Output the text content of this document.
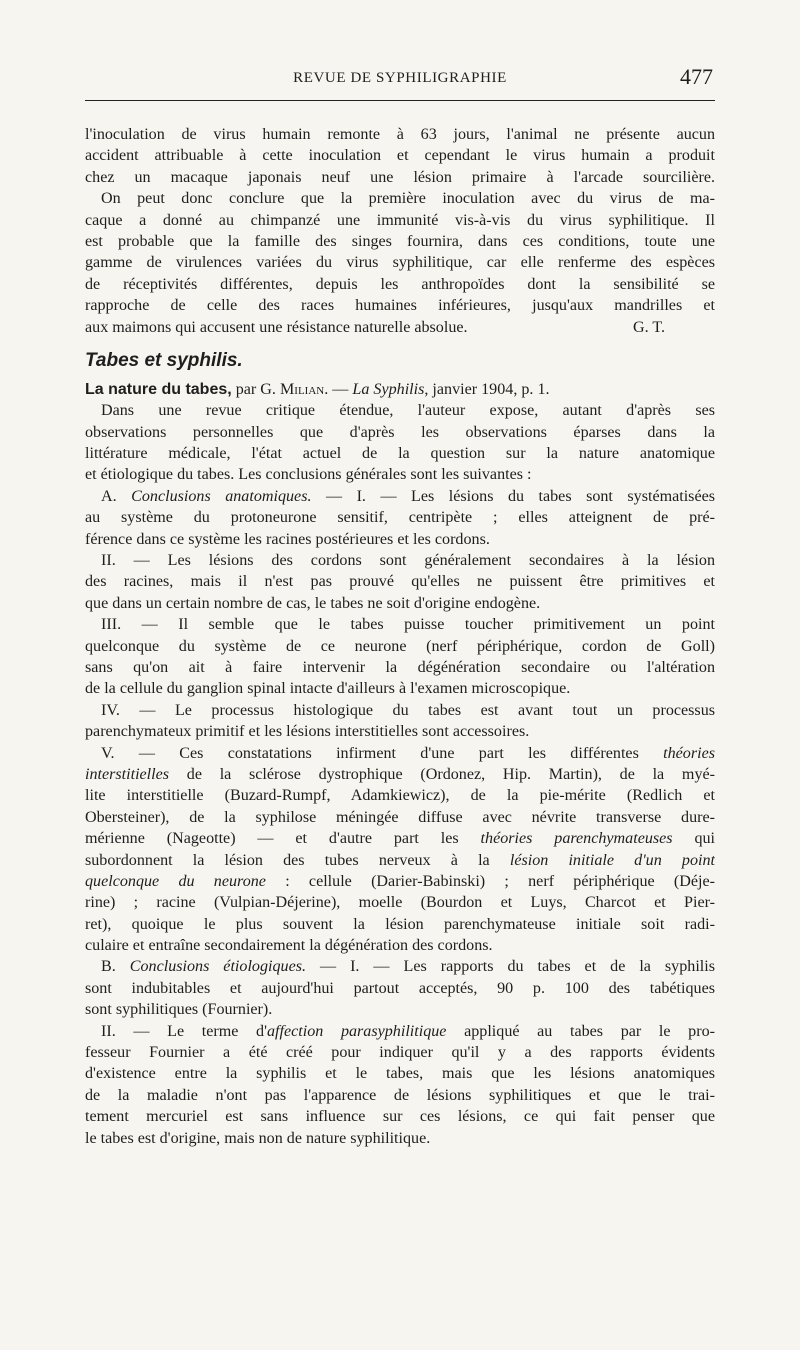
REVUE DE SYPHILIGRAPHIE	477
l'inoculation de virus humain remonte à 63 jours, l'animal ne présente aucun
accident attribuable à cette inoculation et cependant le virus humain a produit
chez un macaque japonais neuf une lésion primaire à l'arcade sourcilière.
On peut donc conclure que la première inoculation avec du virus de ma-
caque a donné au chimpanzé une immunité vis-à-vis du virus syphilitique. Il
est probable que la famille des singes fournira, dans ces conditions, toute une
gamme de virulences variées du virus syphilitique, car elle renferme des espèces
de réceptivités différentes, depuis les anthropoïdes dont la sensibilité se
rapproche de celle des races humaines inférieures, jusqu'aux mandrilles et
aux maimons qui accusent une résistance naturelle absolue.	G. T.
Tabes et syphilis.
La nature du tabes, par G. Milian. — La Syphilis, janvier 1904, p. 1.
Dans une revue critique étendue, l'auteur expose, autant d'après ses
observations personnelles que d'après les observations éparses dans la
littérature médicale, l'état actuel de la question sur la nature anatomique
et étiologique du tabes. Les conclusions générales sont les suivantes :
A. Conclusions anatomiques. — I. — Les lésions du tabes sont systématisées
au système du protoneurone sensitif, centripète ; elles atteignent de pré-
férence dans ce système les racines postérieures et les cordons.
II. — Les lésions des cordons sont généralement secondaires à la lésion
des racines, mais il n'est pas prouvé qu'elles ne puissent être primitives et
que dans un certain nombre de cas, le tabes ne soit d'origine endogène.
III. — Il semble que le tabes puisse toucher primitivement un point
quelconque du système de ce neurone (nerf périphérique, cordon de Goll)
sans qu'on ait à faire intervenir la dégénération secondaire ou l'altération
de la cellule du ganglion spinal intacte d'ailleurs à l'examen microscopique.
IV. — Le processus histologique du tabes est avant tout un processus
parenchymateux primitif et les lésions interstitielles sont accessoires.
V. — Ces constatations infirment d'une part les différentes théories
interstitielles de la sclérose dystrophique (Ordonez, Hip. Martin), de la myé-
lite interstitielle (Buzard-Rumpf, Adamkiewicz), de la pie-mérite (Redlich et
Obersteiner), de la syphilose méningée diffuse avec névrite transverse dure-
mérienne (Nageotte) — et d'autre part les théories parenchymateuses qui
subordonnent la lésion des tubes nerveux à la lésion initiale d'un point
quelconque du neurone : cellule (Darier-Babinski) ; nerf périphérique (Déje-
rine) ; racine (Vulpian-Déjerine), moelle (Bourdon et Luys, Charcot et Pier-
ret), quoique le plus souvent la lésion parenchymateuse initiale soit radi-
culaire et entraîne secondairement la dégénération des cordons.
B. Conclusions étiologiques. — I. — Les rapports du tabes et de la syphilis
sont indubitables et aujourd'hui partout acceptés, 90 p. 100 des tabétiques
sont syphilitiques (Fournier).
II. — Le terme d'affection parasyphilitique appliqué au tabes par le pro-
fesseur Fournier a été créé pour indiquer qu'il y a des rapports évidents
d'existence entre la syphilis et le tabes, mais que les lésions anatomiques
de la maladie n'ont pas l'apparence de lésions syphilitiques et que le trai-
tement mercuriel est sans influence sur ces lésions, ce qui fait penser que
le tabes est d'origine, mais non de nature syphilitique.
